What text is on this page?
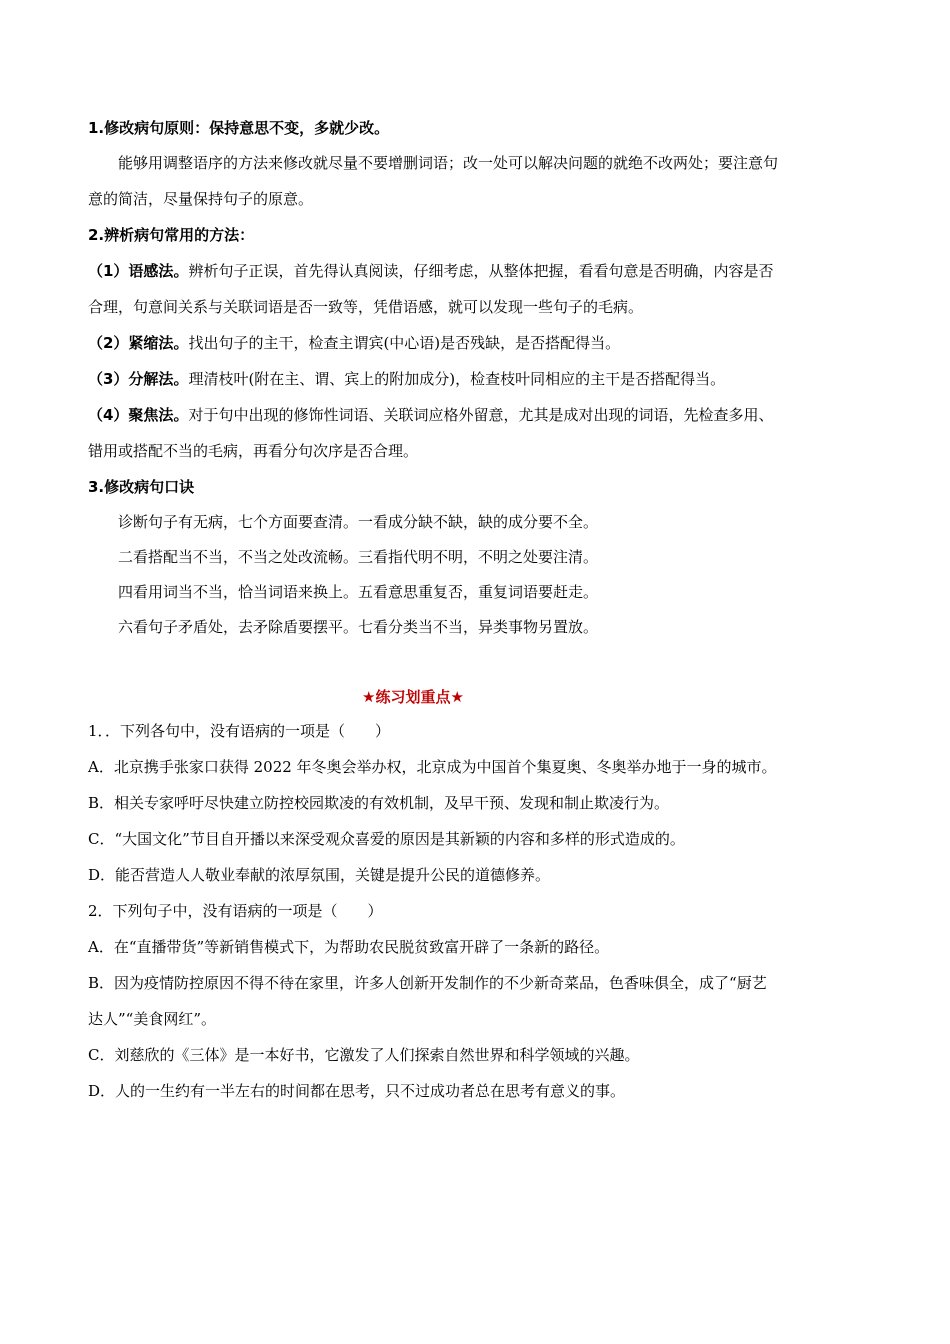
1.修改病句原则：保持意思不变，多就少改。
能够用调整语序的方法来修改就尽量不要增删词语；改一处可以解决问题的就绝不改两处；要注意句
意的简洁，尽量保持句子的原意。
2.辨析病句常用的方法：
（1）语感法。辨析句子正误，首先得认真阅读，仔细考虑，从整体把握，看看句意是否明确，内容是否
合理，句意间关系与关联词语是否一致等，凭借语感，就可以发现一些句子的毛病。
（2）紧缩法。找出句子的主干，检查主谓宾(中心语)是否残缺，是否搭配得当。
（3）分解法。理清枝叶(附在主、谓、宾上的附加成分)，检查枝叶同相应的主干是否搭配得当。
（4）聚焦法。对于句中出现的修饰性词语、关联词应格外留意，尤其是成对出现的词语，先检查多用、
错用或搭配不当的毛病，再看分句次序是否合理。
3.修改病句口诀
诊断句子有无病，七个方面要查清。一看成分缺不缺，缺的成分要不全。
二看搭配当不当，不当之处改流畅。三看指代明不明，不明之处要注清。
四看用词当不当，恰当词语来换上。五看意思重复否，重复词语要赶走。
六看句子矛盾处，去矛除盾要摆平。七看分类当不当，异类事物另置放。
★练习划重点★
1．．下列各句中，没有语病的一项是（　　）
A．北京携手张家口获得 2022 年冬奥会举办权，北京成为中国首个集夏奥、冬奥举办地于一身的城市。
B．相关专家呼吁尽快建立防控校园欺凌的有效机制，及早干预、发现和制止欺凌行为。
C．“大国文化”节目自开播以来深受观众喜爱的原因是其新颖的内容和多样的形式造成的。
D．能否营造人人敬业奉献的浓厚氛围，关键是提升公民的道德修养。
2．下列句子中，没有语病的一项是（　　）
A．在“直播带货”等新销售模式下，为帮助农民脱贫致富开辟了一条新的路径。
B．因为疫情防控原因不得不待在家里，许多人创新开发制作的不少新奇菜品，色香味俱全，成了“厨艺
达人”“美食网红”。
C．刘慈欣的《三体》是一本好书，它激发了人们探索自然世界和科学领域的兴趣。
D．人的一生约有一半左右的时间都在思考，只不过成功者总在思考有意义的事。
